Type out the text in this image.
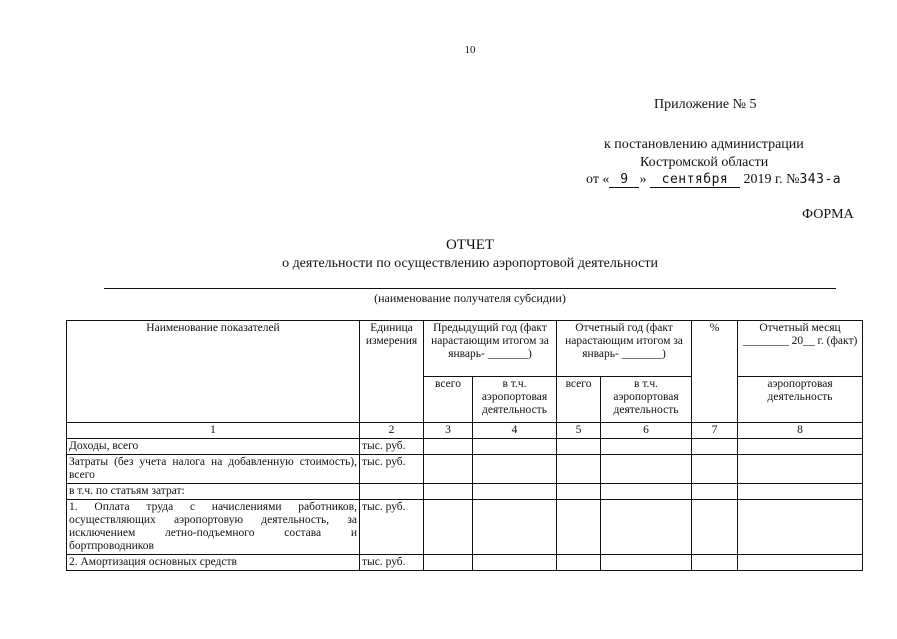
10
Приложение № 5
к постановлению администрации
Костромской области
от « 9 » сентября 2019 г. №343-а
ФОРМА
ОТЧЕТ
о деятельности по осуществлению аэропортовой деятельности
(наименование получателя субсидии)
Наименование показателей	Единица измерения	Предыдущий год (факт нарастающим итогом за январь- _______)		Отчетный год (факт нарастающим итогом за январь- _______)		%	Отчетный месяц ________ 20__ г. (факт)
		всего	в т.ч. аэропортовая деятельность	всего	в т.ч. аэропортовая деятельность		аэропортовая деятельность
1	2	3	4	5	6	7	8
Доходы, всего	тыс. руб.						
Затраты (без учета налога на добавленную стоимость), всего	тыс. руб.						
в т.ч. по статьям затрат:							
1. Оплата труда с начислениями работников, осуществляющих аэропортовую деятельность, за исключением летно-подъемного состава и бортпроводников	тыс. руб.						
2. Амортизация основных средств	тыс. руб.						
